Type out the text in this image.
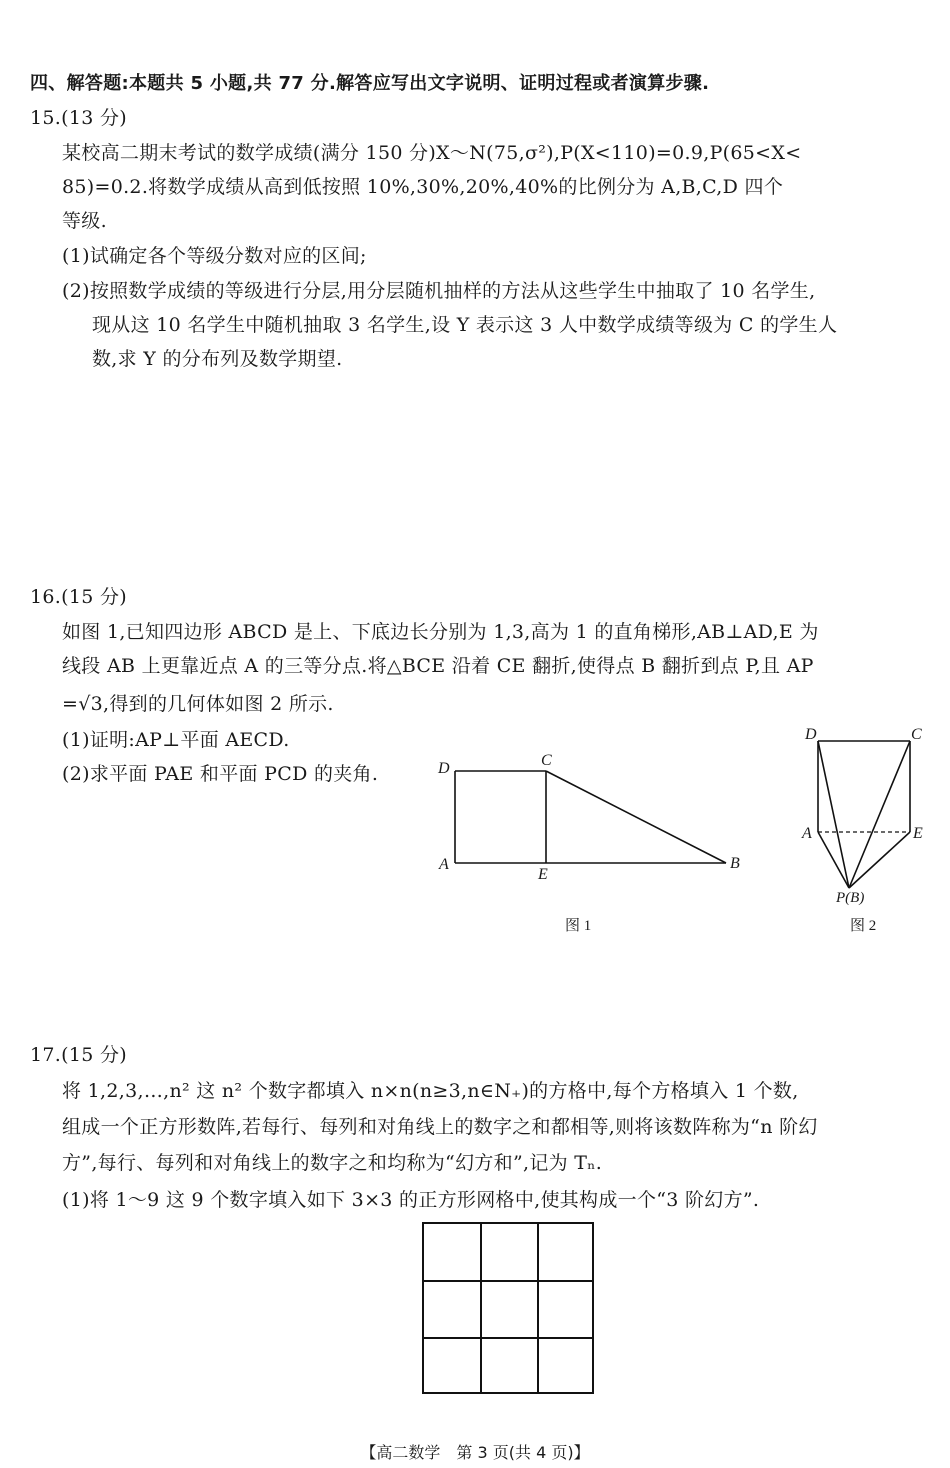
四、解答题:本题共 5 小题,共 77 分.解答应写出文字说明、证明过程或者演算步骤.
15.(13 分)
某校高二期末考试的数学成绩(满分 150 分)X～N(75,σ²),P(X<110)=0.9,P(65<X<
85)=0.2.将数学成绩从高到低按照 10%,30%,20%,40%的比例分为 A,B,C,D 四个
等级.
(1)试确定各个等级分数对应的区间;
(2)按照数学成绩的等级进行分层,用分层随机抽样的方法从这些学生中抽取了 10 名学生,
现从这 10 名学生中随机抽取 3 名学生,设 Y 表示这 3 人中数学成绩等级为 C 的学生人
数,求 Y 的分布列及数学期望.
16.(15 分)
如图 1,已知四边形 ABCD 是上、下底边长分别为 1,3,高为 1 的直角梯形,AB⊥AD,E 为
线段 AB 上更靠近点 A 的三等分点.将△BCE 沿着 CE 翻折,使得点 B 翻折到点 P,且 AP
=√3,得到的几何体如图 2 所示.
(1)证明:AP⊥平面 AECD.
(2)求平面 PAE 和平面 PCD 的夹角.	D	C
A
E
B
图 1
D	C
A	E
P(B)
图 2
17.(15 分)
将 1,2,3,…,n² 这 n² 个数字都填入 n×n(n≥3,n∈N₊)的方格中,每个方格填入 1 个数,
组成一个正方形数阵,若每行、每列和对角线上的数字之和都相等,则将该数阵称为“n 阶幻
方”,每行、每列和对角线上的数字之和均称为“幻方和”,记为 Tₙ.
(1)将 1～9 这 9 个数字填入如下 3×3 的正方形网格中,使其构成一个“3 阶幻方”.
【高二数学　第 3 页(共 4 页)】
